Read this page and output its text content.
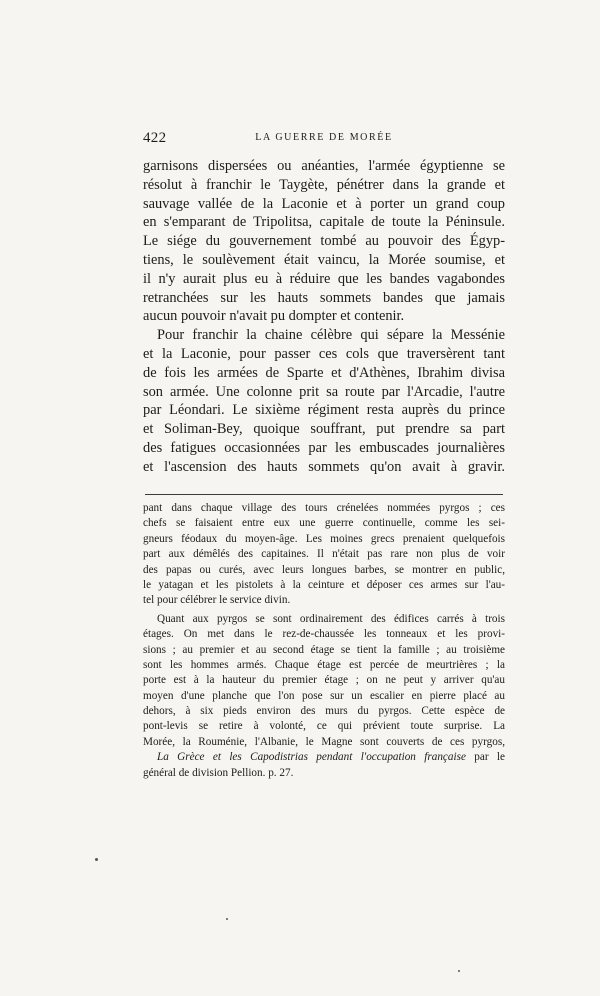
422	LA GUERRE DE MORÉE
garnisons dispersées ou anéanties, l'armée égyptienne se
résolut à franchir le Taygète, pénétrer dans la grande et
sauvage vallée de la Laconie et à porter un grand coup
en s'emparant de Tripolitsa, capitale de toute la Péninsule.
Le siége du gouvernement tombé au pouvoir des Égyp-
tiens, le soulèvement était vaincu, la Morée soumise, et
il n'y aurait plus eu à réduire que les bandes vagabondes
retranchées sur les hauts sommets bandes que jamais
aucun pouvoir n'avait pu dompter et contenir.
Pour franchir la chaine célèbre qui sépare la Messénie
et la Laconie, pour passer ces cols que traversèrent tant
de fois les armées de Sparte et d'Athènes, Ibrahim divisa
son armée. Une colonne prit sa route par l'Arcadie, l'autre
par Léondari. Le sixième régiment resta auprès du prince
et Soliman-Bey, quoique souffrant, put prendre sa part
des fatigues occasionnées par les embuscades journalières
et l'ascension des hauts sommets qu'on avait à gravir.
pant dans chaque village des tours crénelées nommées pyrgos ; ces
chefs se faisaient entre eux une guerre continuelle, comme les sei-
gneurs féodaux du moyen-âge. Les moines grecs prenaient quelquefois
part aux démêlés des capitaines. Il n'était pas rare non plus de voir
des papas ou curés, avec leurs longues barbes, se montrer en public,
le yatagan et les pistolets à la ceinture et déposer ces armes sur l'au-
tel pour célébrer le service divin.
Quant aux pyrgos se sont ordinairement des édifices carrés à trois
étages. On met dans le rez-de-chaussée les tonneaux et les provi-
sions ; au premier et au second étage se tient la famille ; au troisième
sont les hommes armés. Chaque étage est percée de meurtrières ; la
porte est à la hauteur du premier étage ; on ne peut y arriver qu'au
moyen d'une planche que l'on pose sur un escalier en pierre placé au
dehors, à six pieds environ des murs du pyrgos. Cette espèce de
pont-levis se retire à volonté, ce qui prévient toute surprise. La
Morée, la Rouménie, l'Albanie, le Magne sont couverts de ces pyrgos,
La Grèce et les Capodistrias pendant l'occupation française par le
général de division Pellion. p. 27.
